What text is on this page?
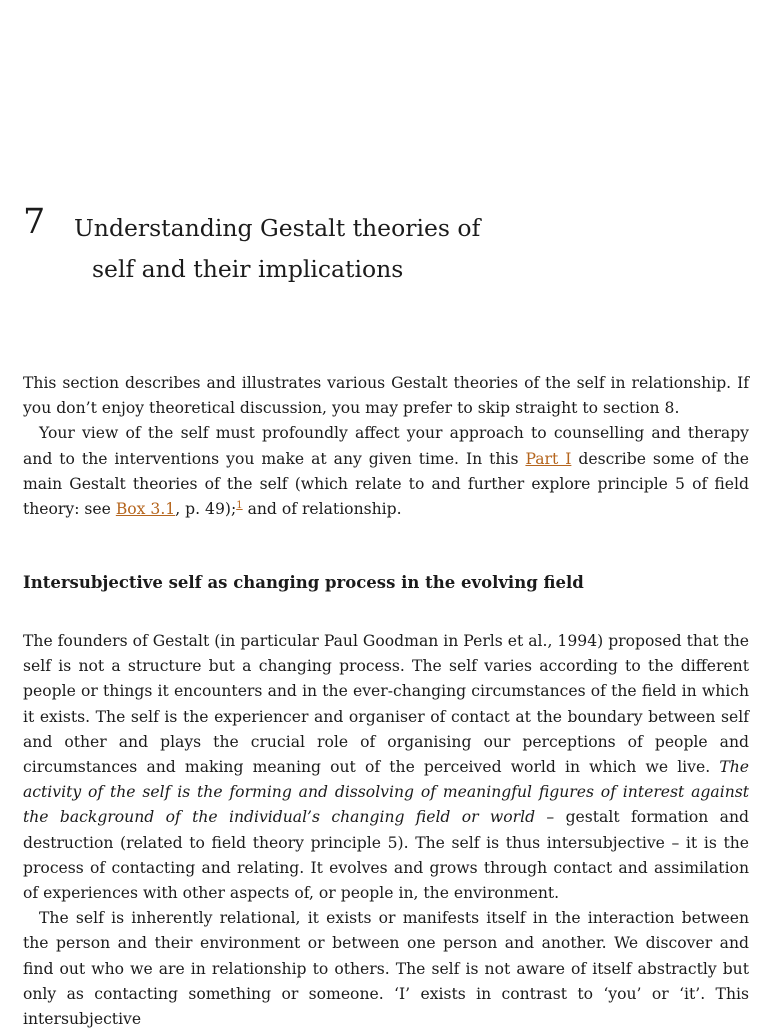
7 Understanding Gestalt theories of
self and their implications

This section describes and illustrates various Gestalt theories of the self in relationship. If you don’t enjoy theoretical discussion, you may prefer to skip straight to section 8.

Your view of the self must profoundly affect your approach to counselling and therapy and to the interventions you make at any given time. In this Part I describe some of the main Gestalt theories of the self (which relate to and further explore principle 5 of field theory: see Box 3.1, p. 49);$^1$ and of relationship.

Intersubjective self as changing process in the evolving field

The founders of Gestalt (in particular Paul Goodman in Perls et al., 1994) proposed that the self is not a structure but a changing process. The self varies according to the different people or things it encounters and in the ever-changing circumstances of the field in which it exists. The self is the experiencer and organiser of contact at the boundary between self and other and plays the crucial role of organising our perceptions of people and circumstances and making meaning out of the perceived world in which we live. The activity of the self is the forming and dissolving of meaningful figures of interest against the background of the individual’s changing field or world – gestalt formation and destruction (related to field theory principle 5). The self is thus intersubjective – it is the process of contacting and relating. It evolves and grows through contact and assimilation of experiences with other aspects of, or people in, the environment.

The self is inherently relational, it exists or manifests itself in the interaction between the person and their environment or between one person and another. We discover and find out who we are in relationship to others. The self is not aware of itself abstractly but only as contacting something or someone. ‘I’ exists in contrast to ‘you’ or ‘it’. This intersubjective
